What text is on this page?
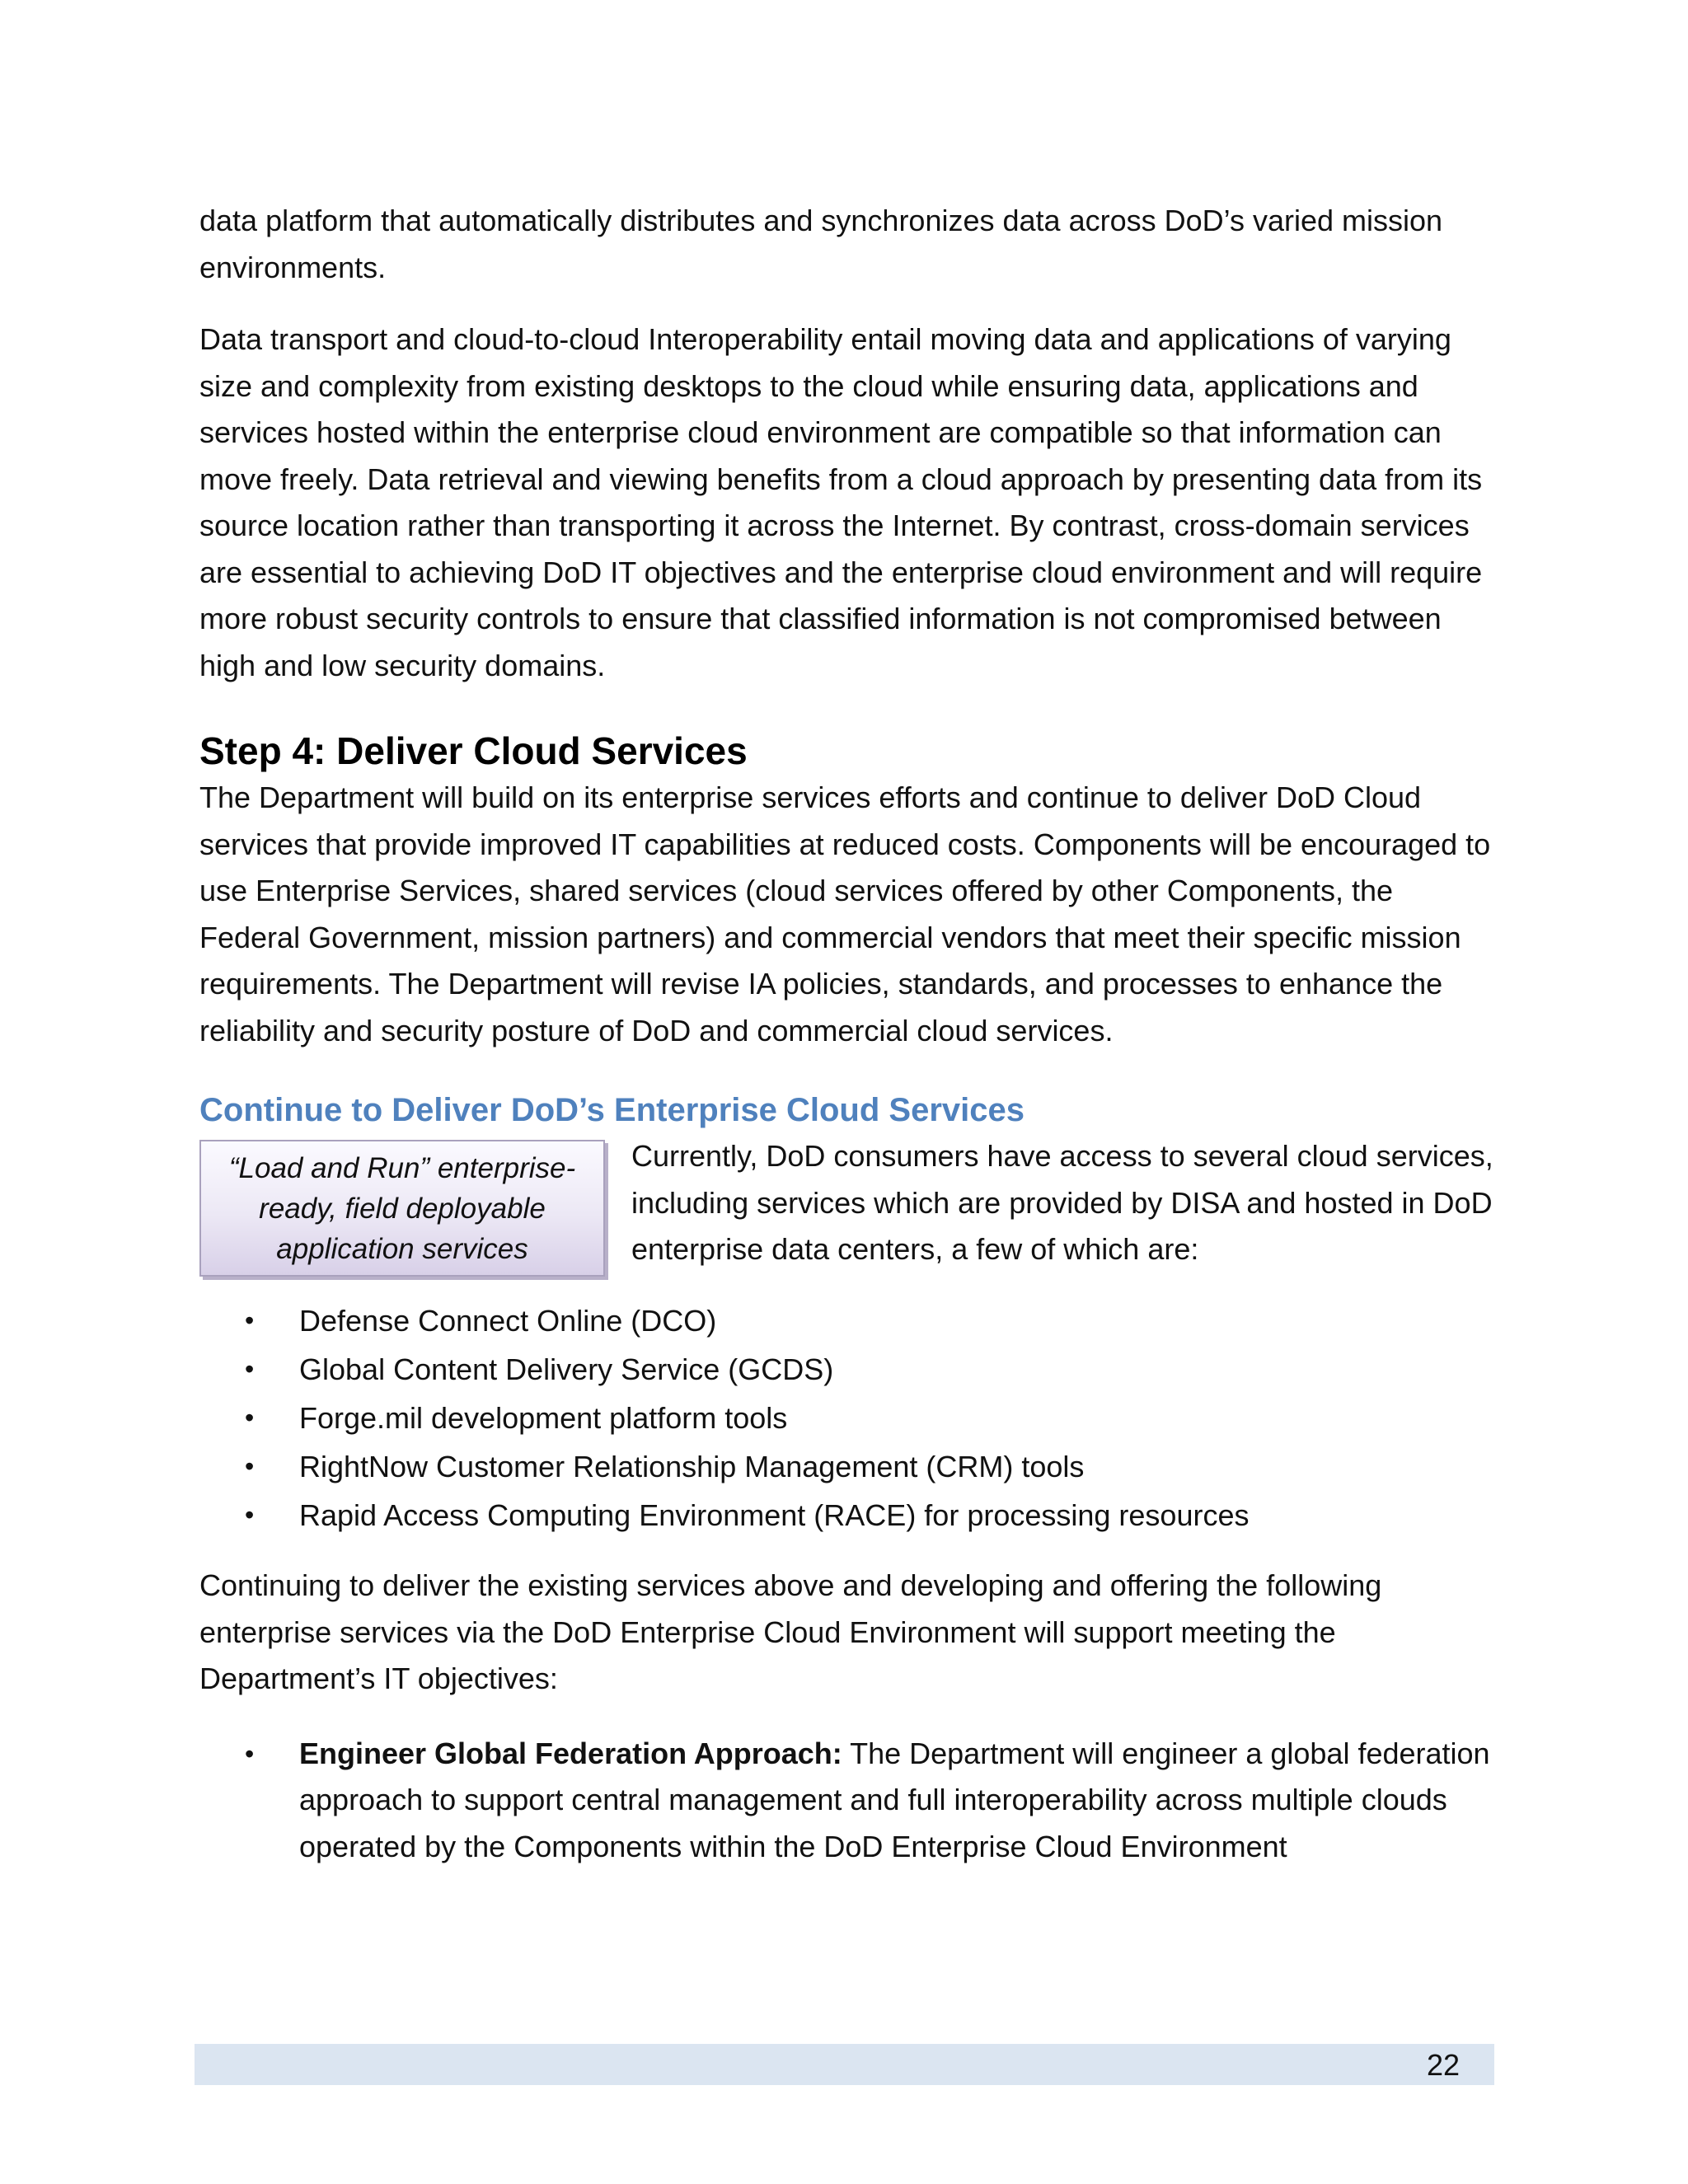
data platform that automatically distributes and synchronizes data across DoD’s varied mission environments.

Data transport and cloud-to-cloud Interoperability entail moving data and applications of varying size and complexity from existing desktops to the cloud while ensuring data, applications and services hosted within the enterprise cloud environment are compatible so that information can move freely. Data retrieval and viewing benefits from a cloud approach by presenting data from its source location rather than transporting it across the Internet. By contrast, cross-domain services are essential to achieving DoD IT objectives and the enterprise cloud environment and will require more robust security controls to ensure that classified information is not compromised between high and low security domains.

Step 4: Deliver Cloud Services

The Department will build on its enterprise services efforts and continue to deliver DoD Cloud services that provide improved IT capabilities at reduced costs. Components will be encouraged to use Enterprise Services, shared services (cloud services offered by other Components, the Federal Government, mission partners) and commercial vendors that meet their specific mission requirements. The Department will revise IA policies, standards, and processes to enhance the reliability and security posture of DoD and commercial cloud services.

Continue to Deliver DoD’s Enterprise Cloud Services
“Load and Run” enterprise-ready, field deployable application services

Currently, DoD consumers have access to several cloud services, including services which are provided by DISA and hosted in DoD enterprise data centers, a few of which are:

• Defense Connect Online (DCO)
• Global Content Delivery Service (GCDS)
• Forge.mil development platform tools
• RightNow Customer Relationship Management (CRM) tools
• Rapid Access Computing Environment (RACE) for processing resources

Continuing to deliver the existing services above and developing and offering the following enterprise services via the DoD Enterprise Cloud Environment will support meeting the Department’s IT objectives:

• Engineer Global Federation Approach: The Department will engineer a global federation approach to support central management and full interoperability across multiple clouds operated by the Components within the DoD Enterprise Cloud Environment
22
